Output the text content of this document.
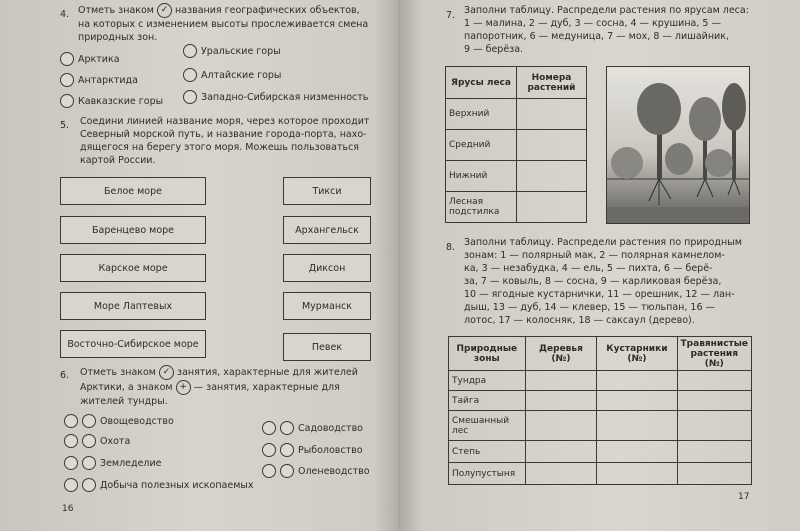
4. Отметь знаком ✓ названия географических объектов,
на которых с изменением высоты прослеживается смена
природных зон.
Арктика
Антарктида
Кавказские горы
Уральские горы
Алтайские горы
Западно-Сибирская низменность
5. Соедини линией название моря, через которое проходит
Северный морской путь, и название города-порта, нахо-
дящегося на берегу этого моря. Можешь пользоваться
картой России.
Белое море
Баренцево море
Карское море
Море Лаптевых
Восточно-Сибирское море
Тикси
Архангельск
Диксон
Мурманск
Певек
6. Отметь знаком ✓ занятия, характерные для жителей
Арктики, а знаком + — занятия, характерные для
жителей тундры.
Овощеводство
Охота
Земледелие
Добыча полезных ископаемых
Садоводство
Рыболовство
Оленеводство
16
7. Заполни таблицу. Распредели растения по ярусам леса:
1 — малина, 2 — дуб, 3 — сосна, 4 — крушина, 5 —
папоротник, 6 — медуница, 7 — мох, 8 — лишайник,
9 — берёза.
Ярусы леса	Номера растений
Верхний	
Средний	
Нижний	
Лесная подстилка	
8. Заполни таблицу. Распредели растения по природным
зонам: 1 — полярный мак, 2 — полярная камнелом-
ка, 3 — незабудка, 4 — ель, 5 — пихта, 6 — берё-
за, 7 — ковыль, 8 — сосна, 9 — карликовая берёза,
10 — ягодные кустарнички, 11 — орешник, 12 — лан-
дыш, 13 — дуб, 14 — клевер, 15 — тюльпан, 16 —
лотос, 17 — колосняк, 18 — саксаул (дерево).
Природные зоны	Деревья (№)	Кустарники (№)	Травянистые растения (№)
Тундра			
Тайга			
Смешанный лес			
Степь			
Полупустыня			
17
